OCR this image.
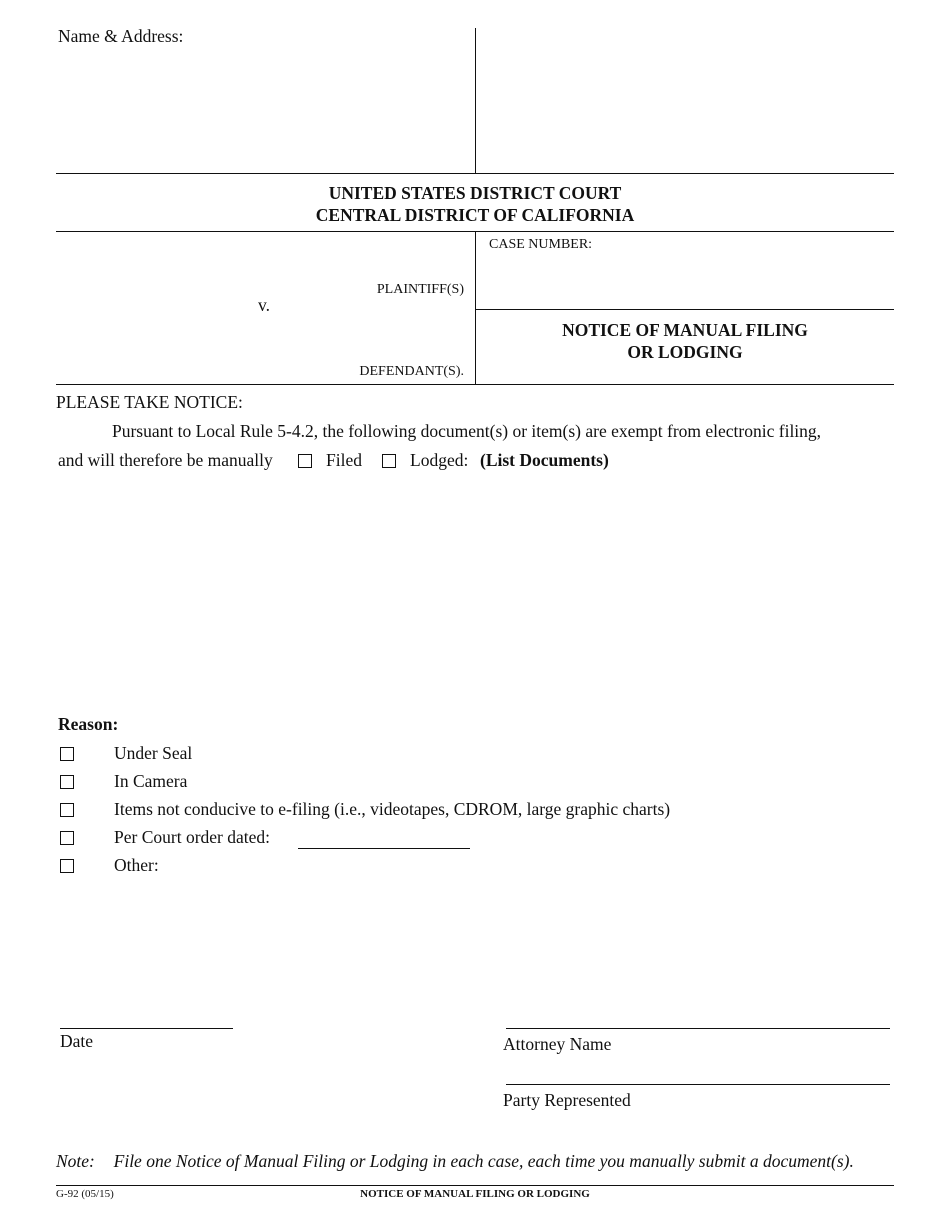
Name & Address:
UNITED STATES DISTRICT COURT
CENTRAL DISTRICT OF CALIFORNIA
CASE NUMBER:
PLAINTIFF(S)
v.
DEFENDANT(S).
NOTICE OF MANUAL FILING
OR LODGING
PLEASE TAKE NOTICE:
Pursuant to Local Rule 5-4.2, the following document(s) or item(s) are exempt from electronic filing,
and will therefore be manually	Filed	Lodged: (List Documents)
Reason:
Under Seal
In Camera
Items not conducive to e-filing (i.e., videotapes, CDROM, large graphic charts)
Per Court order dated:
Other:
Date	Attorney Name
Party Represented
Note: File one Notice of Manual Filing or Lodging in each case, each time you manually submit a document(s).
G-92 (05/15)	NOTICE OF MANUAL FILING OR LODGING
